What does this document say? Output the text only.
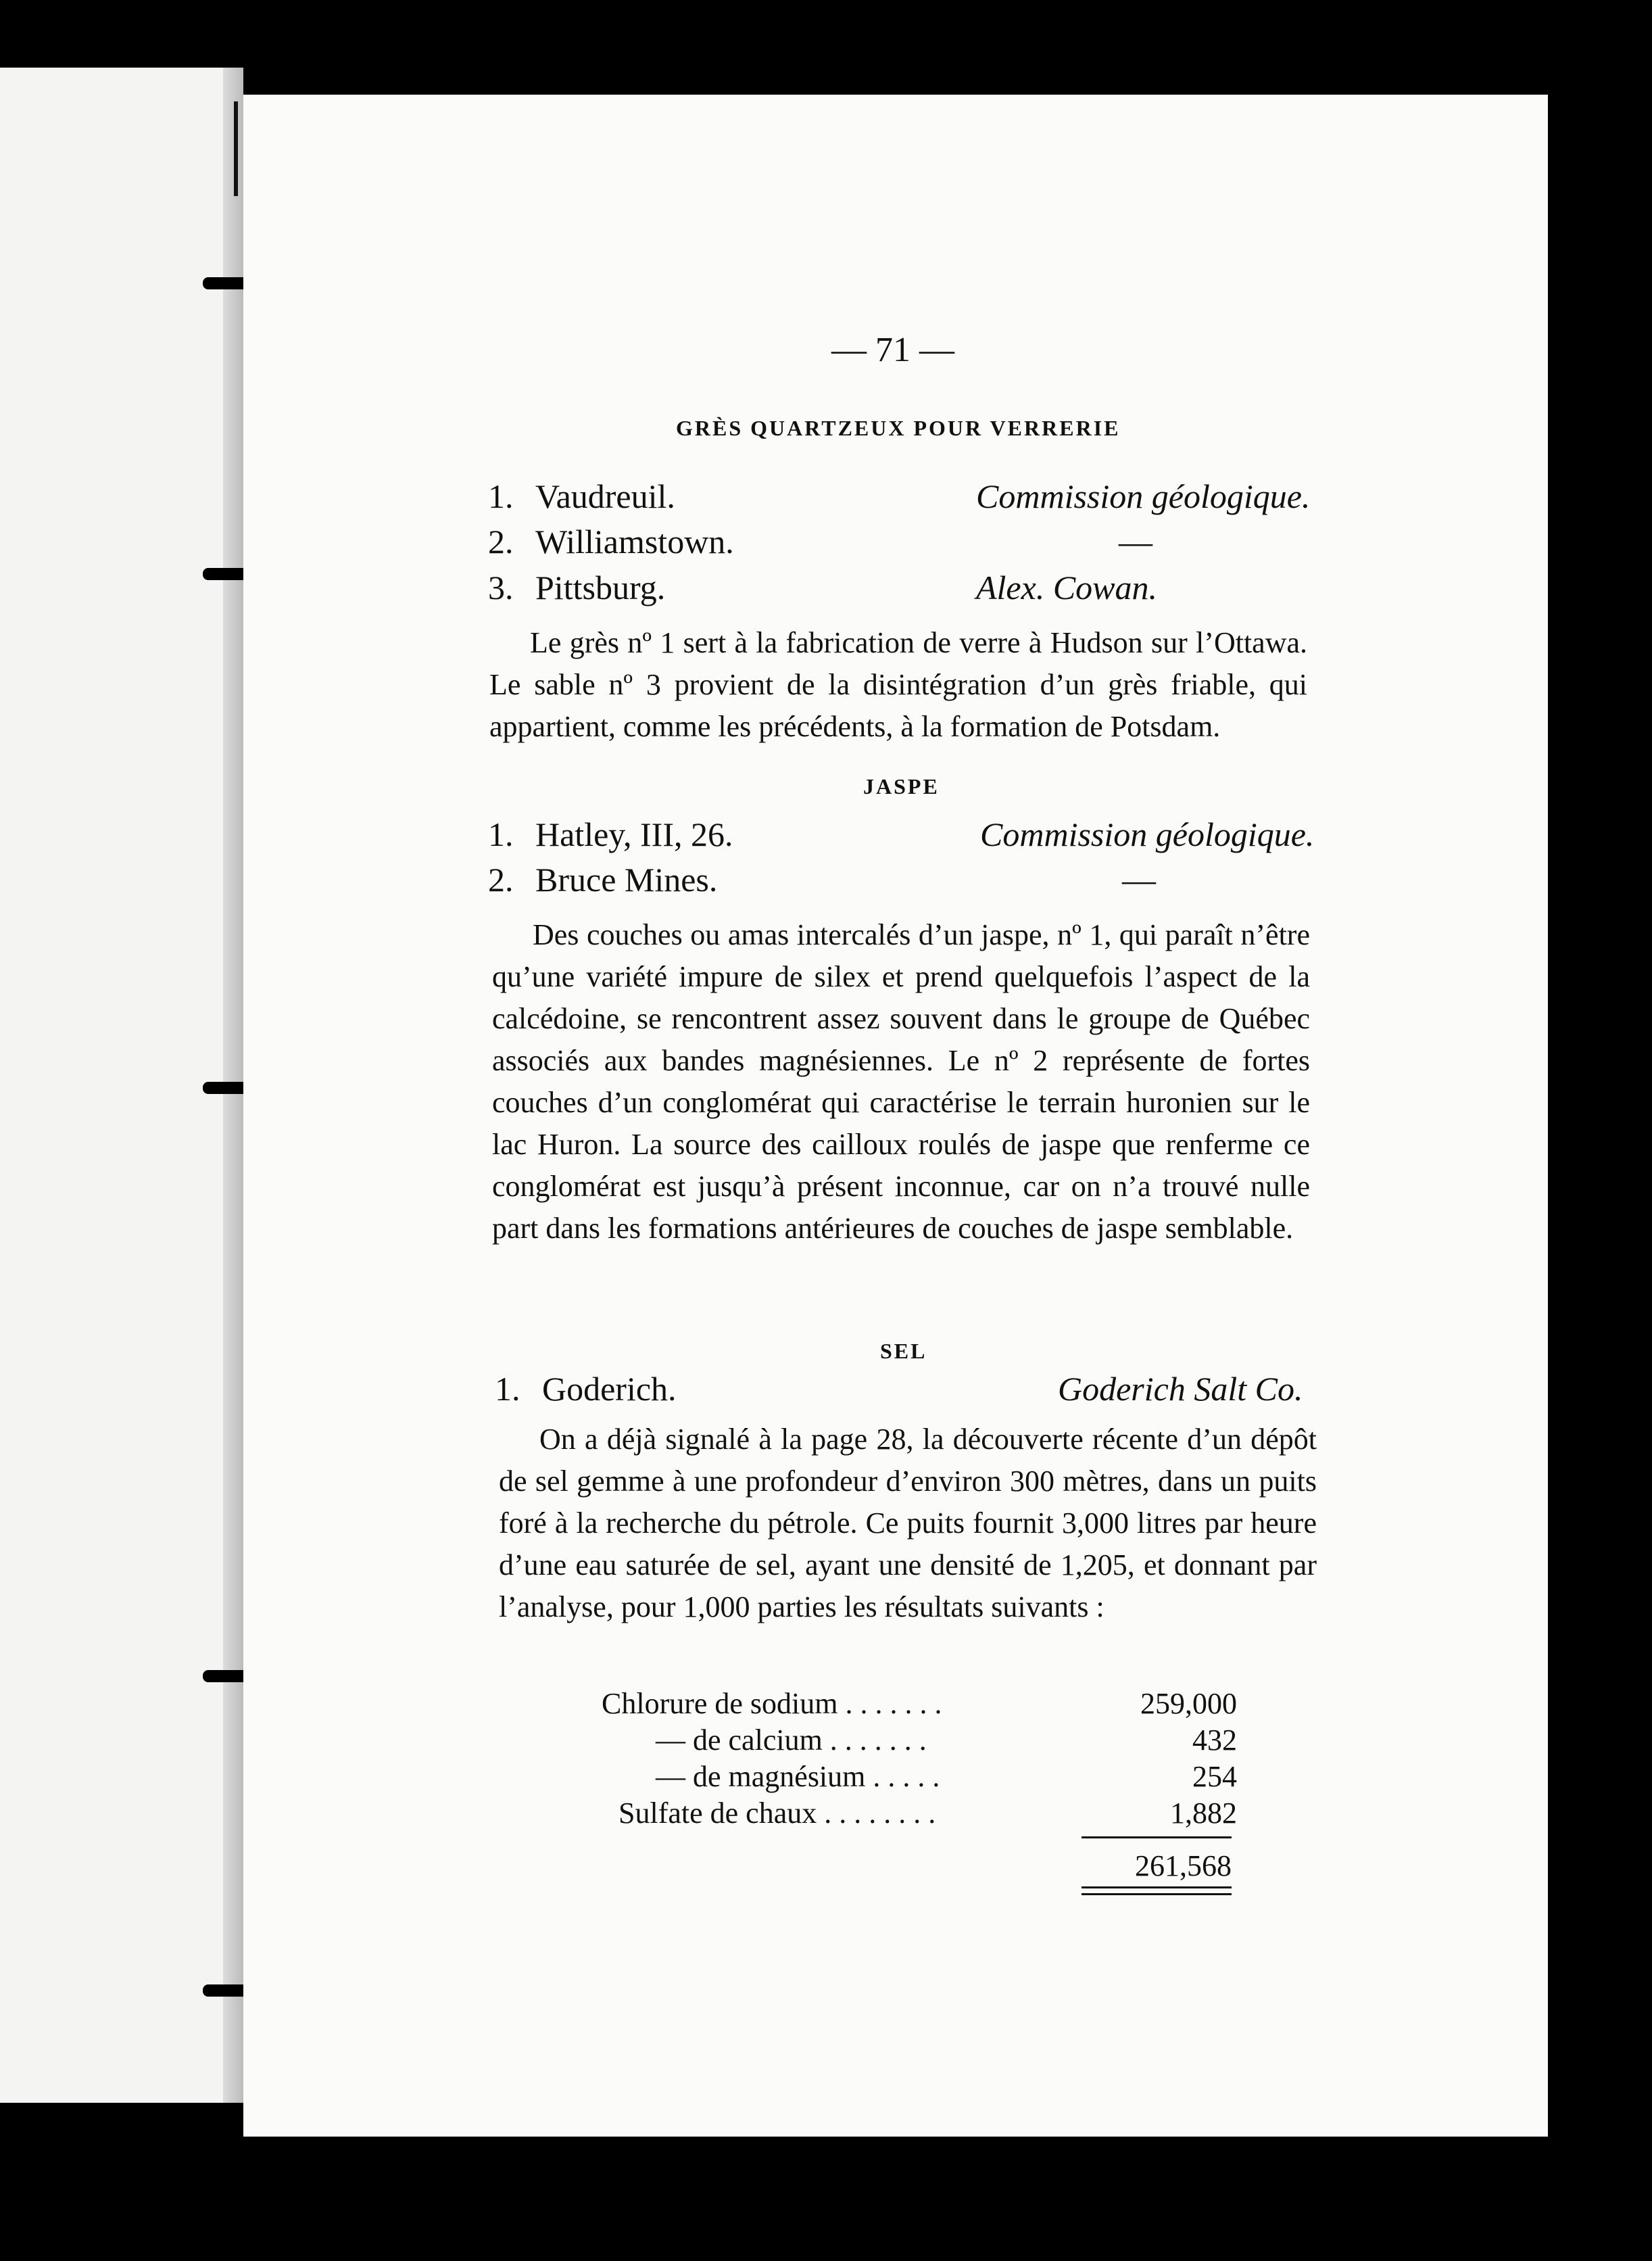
— 71 —
GRÈS QUARTZEUX POUR VERRERIE
1. Vaudreuil.	Commission géologique.
2. Williamstown.	—
3. Pittsburg.	Alex. Cowan.

Le grès nº 1 sert à la fabrication de verre à Hudson sur l’Ottawa. Le sable nº 3 provient de la disintégration d’un grès friable, qui appartient, comme les précédents, à la formation de Potsdam.

JASPE
1. Hatley, III, 26.	Commission géologique.
2. Bruce Mines.	—

Des couches ou amas intercalés d’un jaspe, nº 1, qui paraît n’être qu’une variété impure de silex et prend quelquefois l’aspect de la calcédoine, se rencontrent assez souvent dans le groupe de Québec associés aux bandes magnésiennes. Le nº 2 représente de fortes couches d’un conglomérat qui caractérise le terrain huronien sur le lac Huron. La source des cailloux roulés de jaspe que renferme ce conglomérat est jusqu’à présent inconnue, car on n’a trouvé nulle part dans les formations antérieures de couches de jaspe semblable.

SEL
1. Goderich.	Goderich Salt Co.

On a déjà signalé à la page 28, la découverte récente d’un dépôt de sel gemme à une profondeur d’environ 300 mètres, dans un puits foré à la recherche du pétrole. Ce puits fournit 3,000 litres par heure d’une eau saturée de sel, ayant une densité de 1,205, et donnant par l’analyse, pour 1,000 parties les résultats suivants :

Chlorure de sodium . . . . . . .	259,000
— de calcium . . . . . . .	432
— de magnésium . . . . .	254
Sulfate de chaux . . . . . . . .	1,882
261,568
